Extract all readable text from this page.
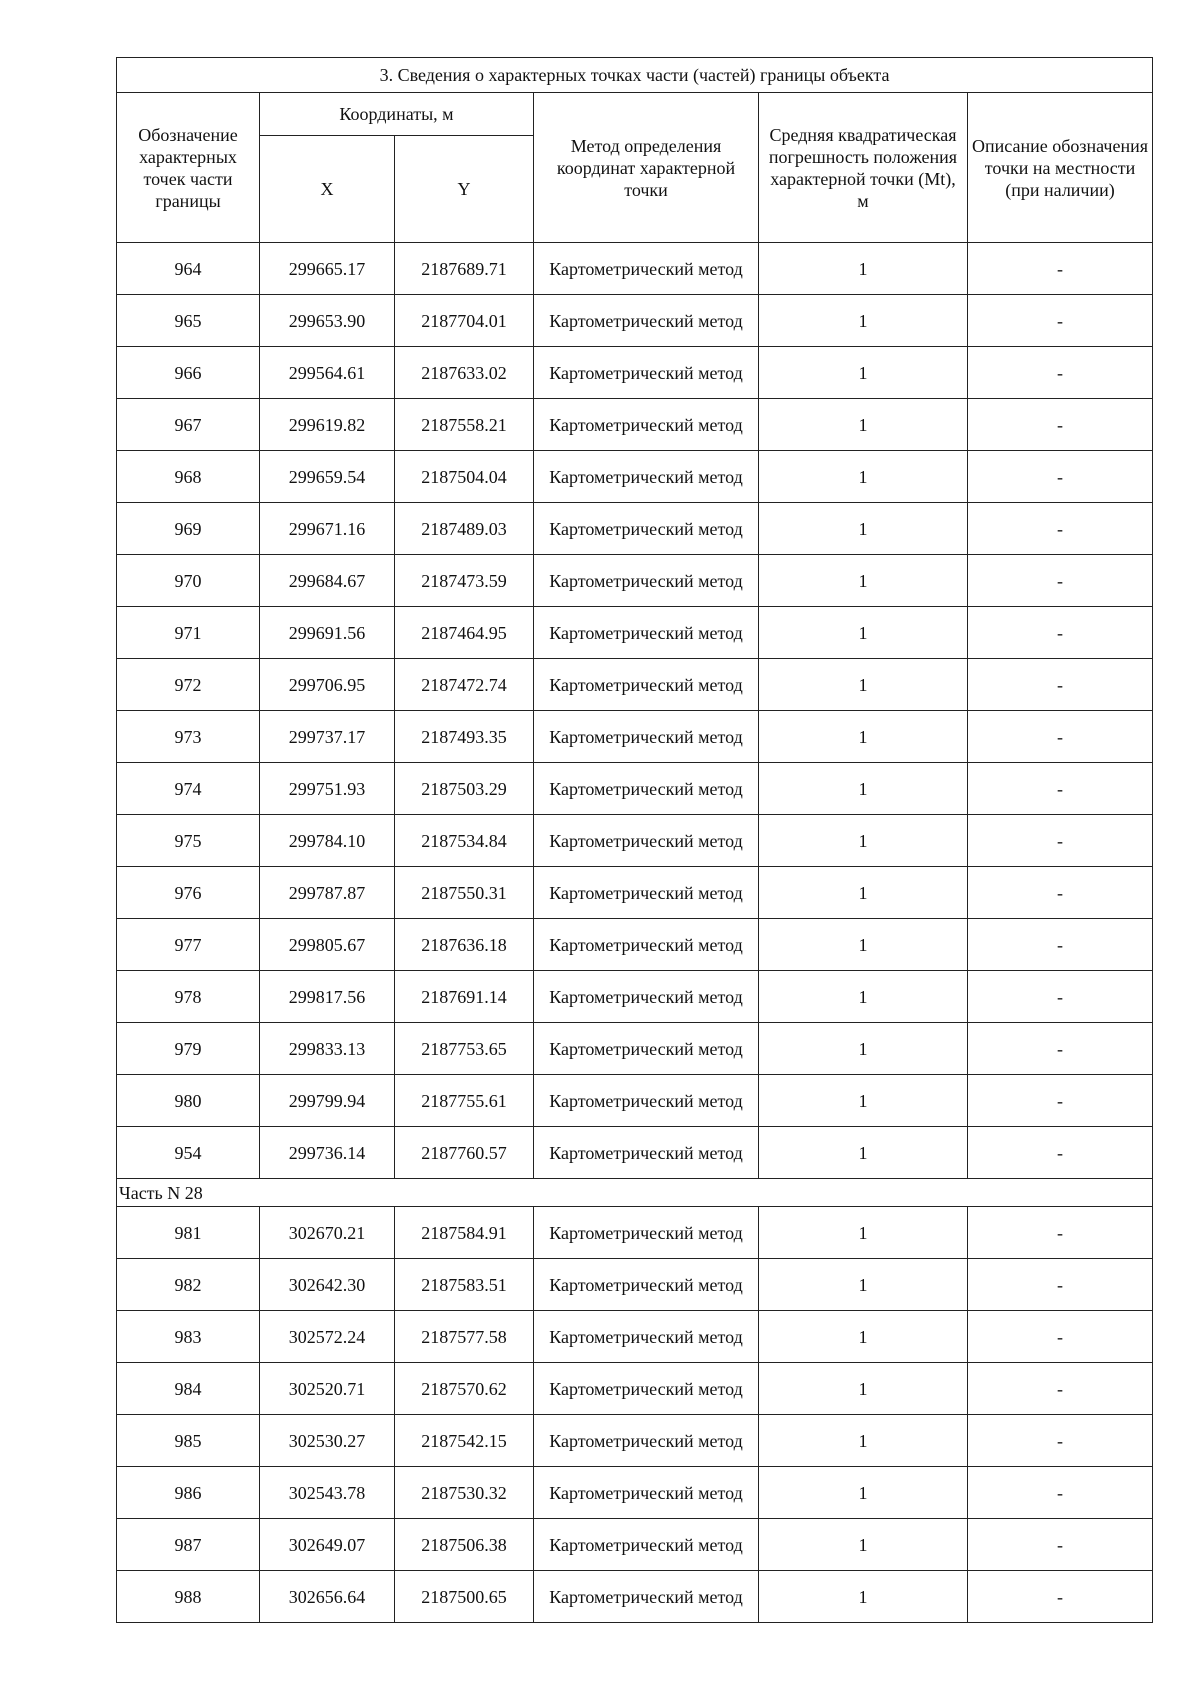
3. Сведения о характерных точках части (частей) границы объекта					
Обозначение характерных точек части границы	Координаты, м		Метод определения координат характерной точки	Средняя квадратическая погрешность положения характерной точки (Mt), м	Описание обозначения точки на местности (при наличии)
	X	Y			
964	299665.17	2187689.71	Картометрический метод	1	-
965	299653.90	2187704.01	Картометрический метод	1	-
966	299564.61	2187633.02	Картометрический метод	1	-
967	299619.82	2187558.21	Картометрический метод	1	-
968	299659.54	2187504.04	Картометрический метод	1	-
969	299671.16	2187489.03	Картометрический метод	1	-
970	299684.67	2187473.59	Картометрический метод	1	-
971	299691.56	2187464.95	Картометрический метод	1	-
972	299706.95	2187472.74	Картометрический метод	1	-
973	299737.17	2187493.35	Картометрический метод	1	-
974	299751.93	2187503.29	Картометрический метод	1	-
975	299784.10	2187534.84	Картометрический метод	1	-
976	299787.87	2187550.31	Картометрический метод	1	-
977	299805.67	2187636.18	Картометрический метод	1	-
978	299817.56	2187691.14	Картометрический метод	1	-
979	299833.13	2187753.65	Картометрический метод	1	-
980	299799.94	2187755.61	Картометрический метод	1	-
954	299736.14	2187760.57	Картометрический метод	1	-
Часть N 28					
981	302670.21	2187584.91	Картометрический метод	1	-
982	302642.30	2187583.51	Картометрический метод	1	-
983	302572.24	2187577.58	Картометрический метод	1	-
984	302520.71	2187570.62	Картометрический метод	1	-
985	302530.27	2187542.15	Картометрический метод	1	-
986	302543.78	2187530.32	Картометрический метод	1	-
987	302649.07	2187506.38	Картометрический метод	1	-
988	302656.64	2187500.65	Картометрический метод	1	-
